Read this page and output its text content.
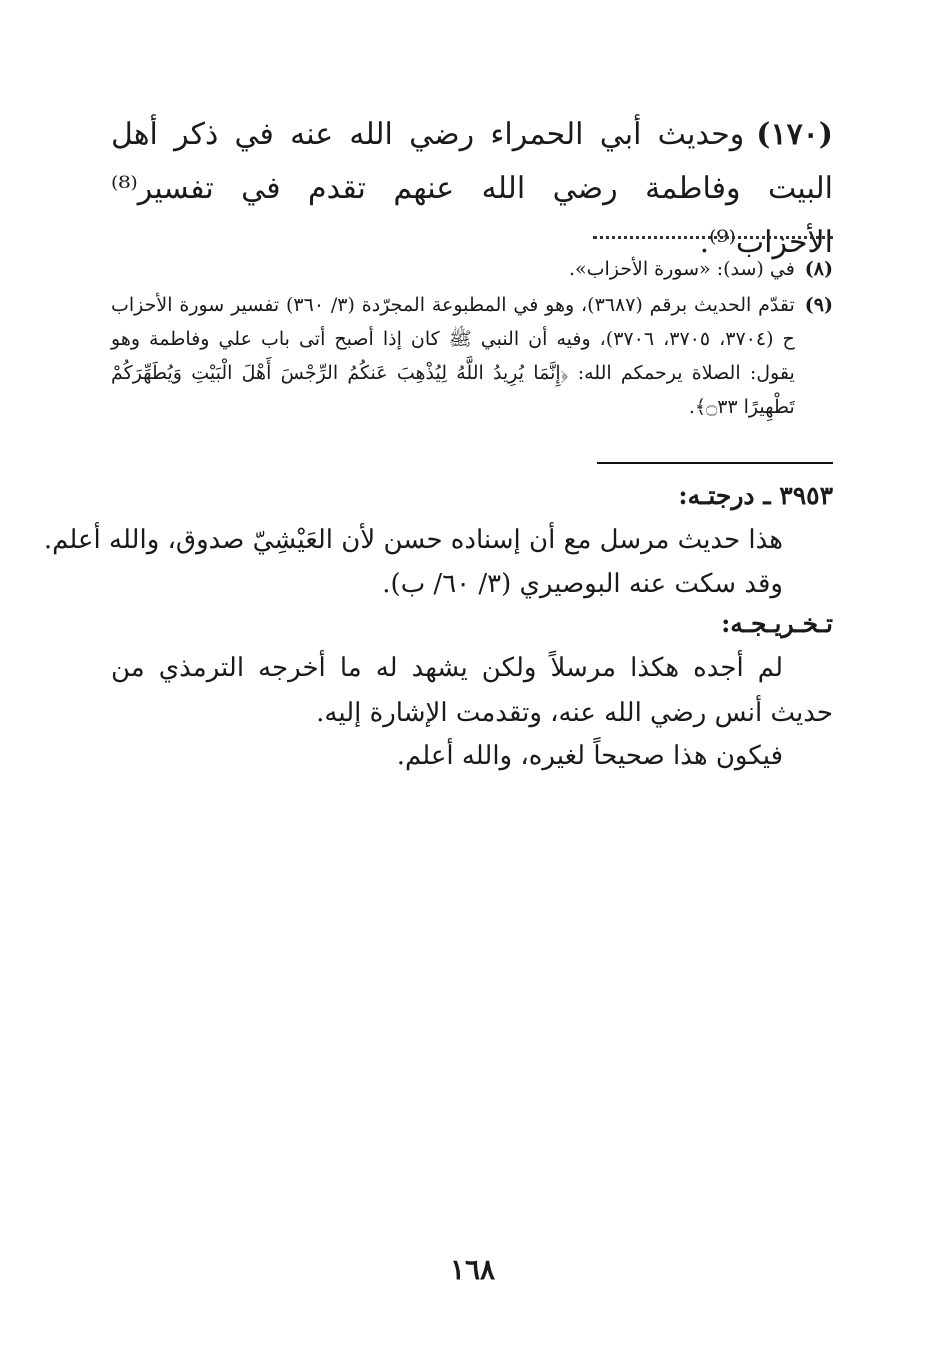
(١٧٠)وحديث أبي الحمراء رضي الله عنه في ذكر أهل البيت وفاطمة رضي الله عنهم تقدم في تفسير⁽⁸⁾ الأحزاب⁽⁹⁾.
(٨)
في (سد): «سورة الأحزاب».
(٩)
تقدّم الحديث برقم (٣٦٨٧)، وهو في المطبوعة المجرّدة (٣/ ٣٦٠) تفسير سورة الأحزاب ح (٣٧٠٤، ٣٧٠٥، ٣٧٠٦)، وفيه أن النبي ﷺ كان إذا أصبح أتى باب علي وفاطمة وهو يقول: الصلاة يرحمكم الله: ﴿إِنَّمَا يُرِيدُ اللَّهُ لِيُذْهِبَ عَنكُمُ الرِّجْسَ أَهْلَ الْبَيْتِ وَيُطَهِّرَكُمْ تَطْهِيرًا ۝٣٣﴾.
٣٩٥٣ ـ درجتـه:
هذا حديث مرسل مع أن إسناده حسن لأن العَيْشِيّ صدوق، والله أعلم.
وقد سكت عنه البوصيري (٣/ ٦٠/ ب).
تـخـريـجـه:
لم أجده هكذا مرسلاً ولكن يشهد له ما أخرجه الترمذي من حديث أنس رضي الله عنه، وتقدمت الإشارة إليه.
فيكون هذا صحيحاً لغيره، والله أعلم.
١٦٨
